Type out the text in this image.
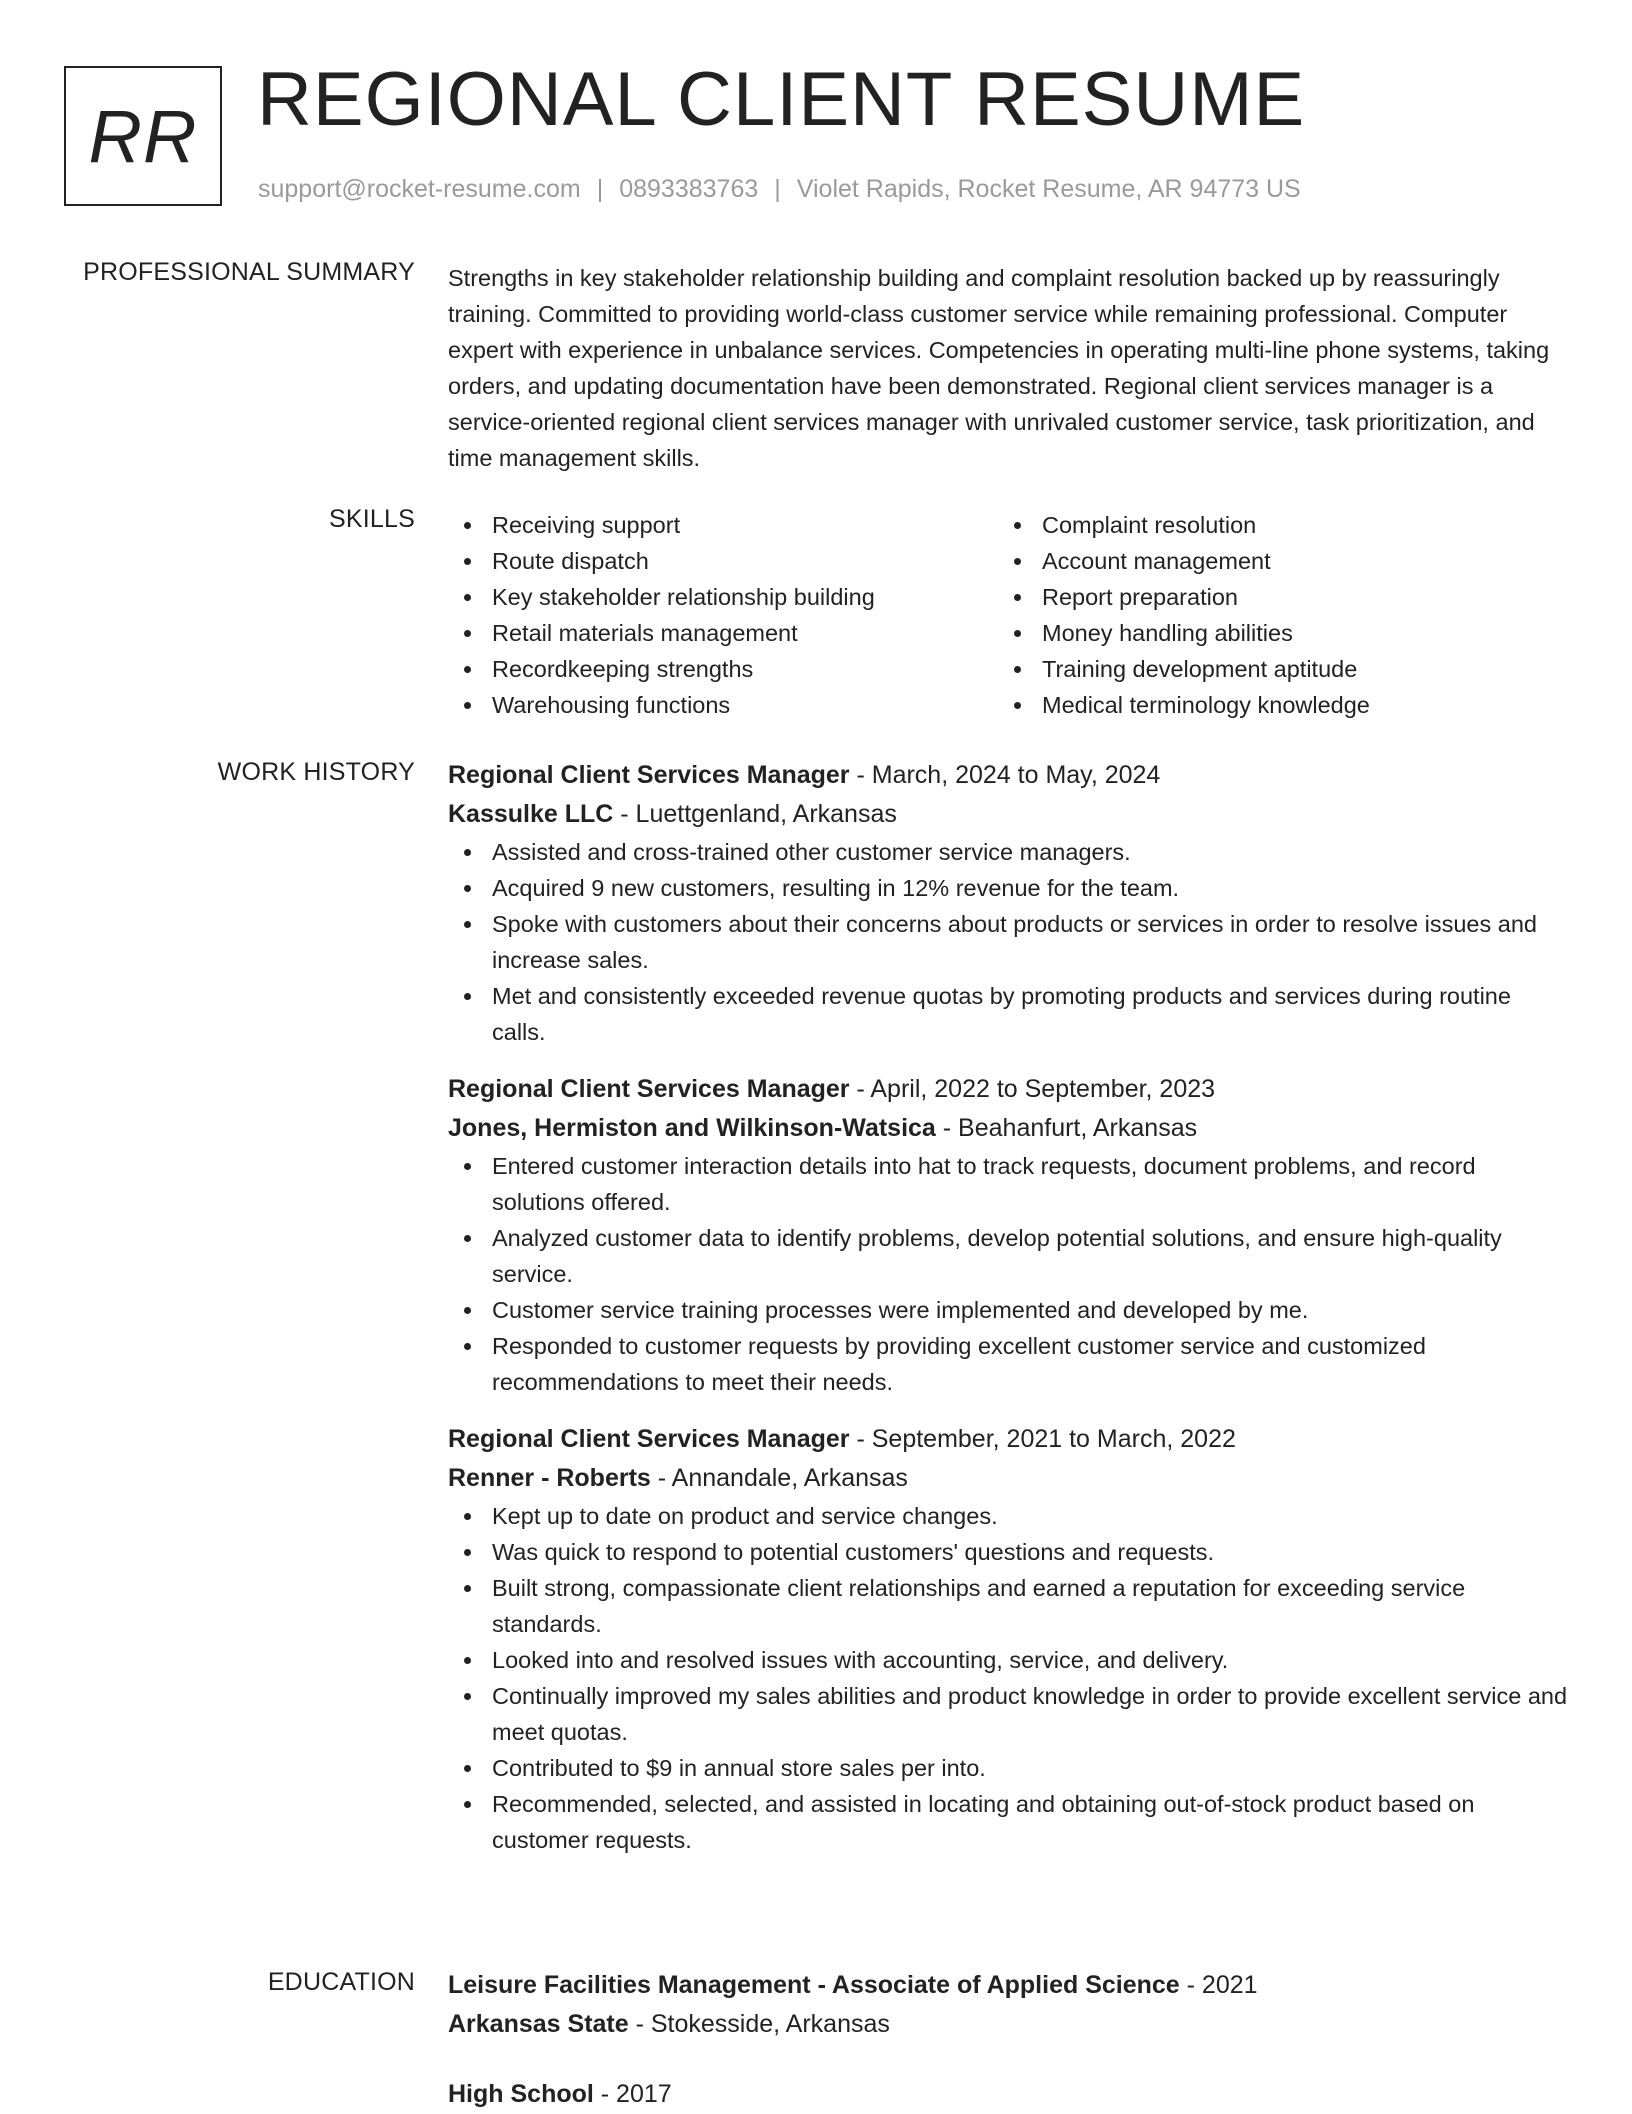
RR REGIONAL CLIENT RESUME
support@rocket-resume.com | 0893383763 | Violet Rapids, Rocket Resume, AR 94773 US
PROFESSIONAL SUMMARY Strengths in key stakeholder relationship building and complaint resolution backed up by reassuringly training. Committed to providing world-class customer service while remaining professional. Computer expert with experience in unbalance services. Competencies in operating multi-line phone systems, taking orders, and updating documentation have been demonstrated. Regional client services manager is a service-oriented regional client services manager with unrivaled customer service, task prioritization, and time management skills.

SKILLS	Receiving support
Route dispatch
Key stakeholder relationship building
Retail materials management
Recordkeeping strengths
Warehousing functions
Complaint resolution
Account management
Report preparation
Money handling abilities
Training development aptitude
Medical terminology knowledge
WORK HISTORY Regional Client Services Manager - March, 2024 to May, 2024
Kassulke LLC - Luettgenland, Arkansas
Assisted and cross-trained other customer service managers.
Acquired 9 new customers, resulting in 12% revenue for the team.
Spoke with customers about their concerns about products or services in order to resolve issues and increase sales.
Met and consistently exceeded revenue quotas by promoting products and services during routine calls.
Regional Client Services Manager - April, 2022 to September, 2023
Jones, Hermiston and Wilkinson-Watsica - Beahanfurt, Arkansas
Entered customer interaction details into hat to track requests, document problems, and record solutions offered.
Analyzed customer data to identify problems, develop potential solutions, and ensure high-quality service.
Customer service training processes were implemented and developed by me.
Responded to customer requests by providing excellent customer service and customized recommendations to meet their needs.
Regional Client Services Manager - September, 2021 to March, 2022
Renner - Roberts - Annandale, Arkansas
Kept up to date on product and service changes.
Was quick to respond to potential customers' questions and requests.
Built strong, compassionate client relationships and earned a reputation for exceeding service standards.
Looked into and resolved issues with accounting, service, and delivery.
Continually improved my sales abilities and product knowledge in order to provide excellent service and meet quotas.
Contributed to $9 in annual store sales per into.
Recommended, selected, and assisted in locating and obtaining out-of-stock product based on customer requests.
EDUCATION Leisure Facilities Management - Associate of Applied Science - 2021
Arkansas State - Stokesside, Arkansas
High School - 2017
